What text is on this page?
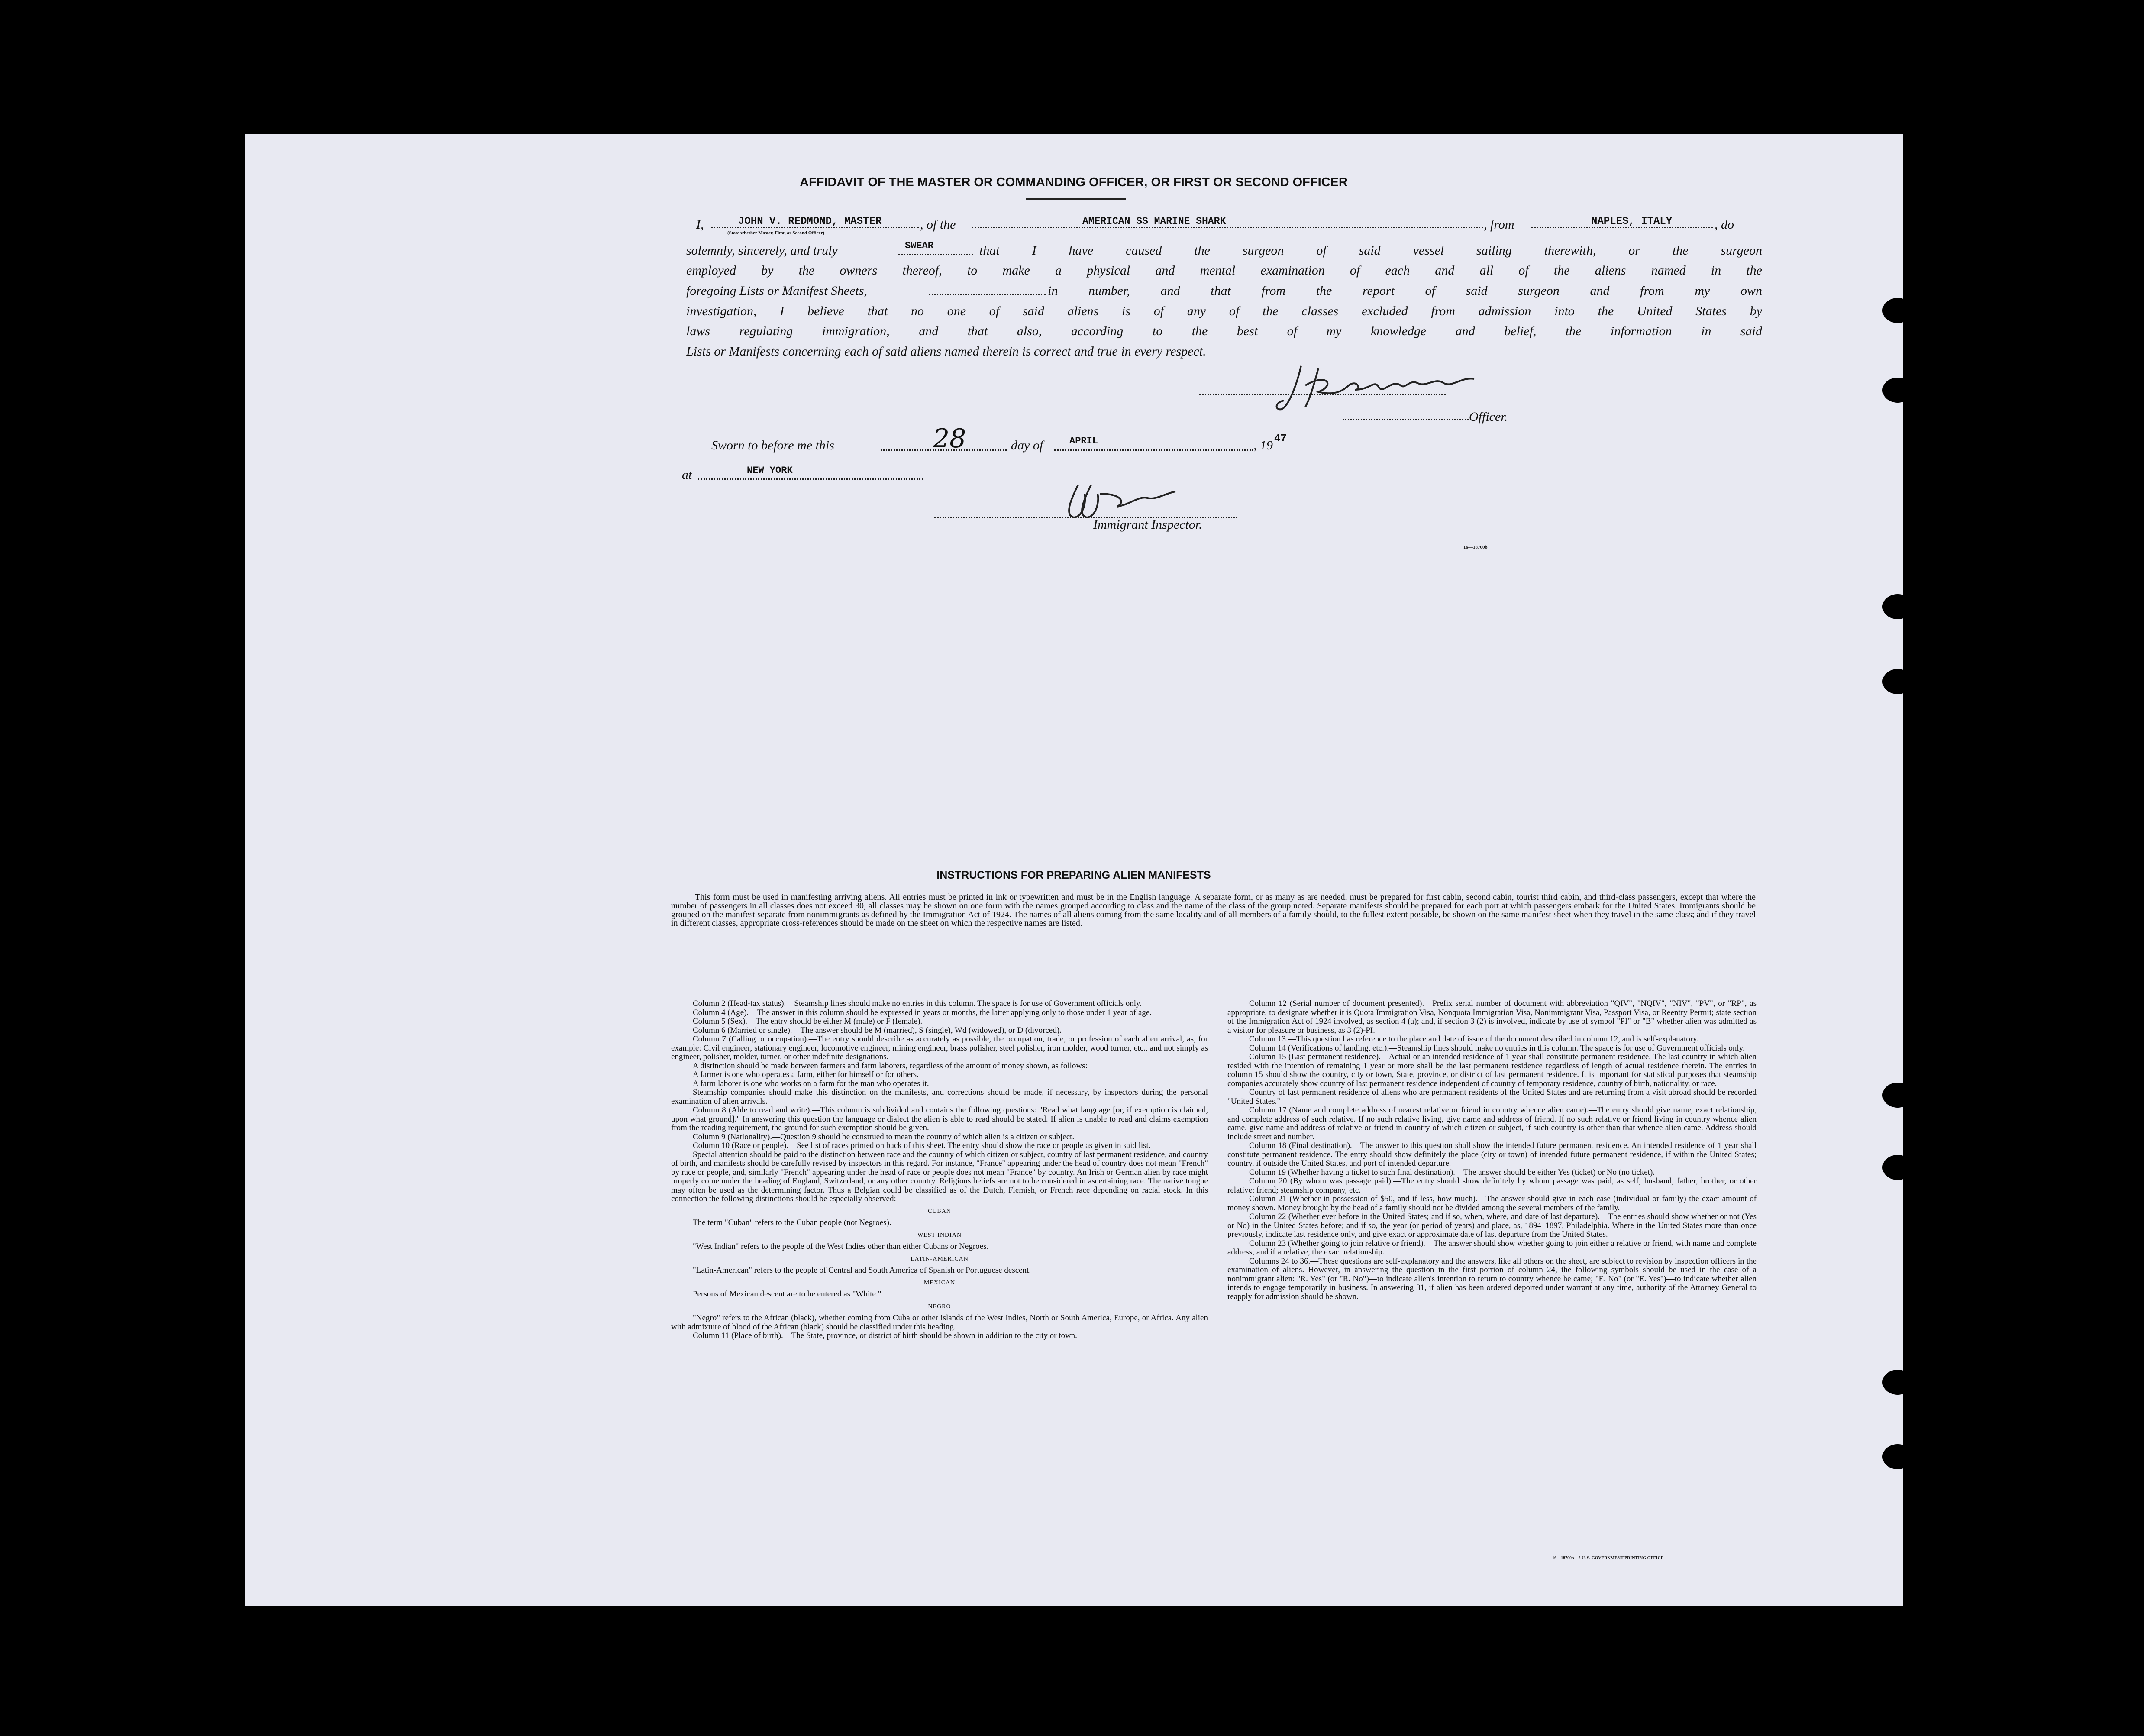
AFFIDAVIT OF THE MASTER OR COMMANDING OFFICER, OR FIRST OR SECOND OFFICER
I,	JOHN V. REDMOND, MASTER
(State whether Master, First, or Second Officer)
, of the	AMERICAN SS MARINE SHARK	, from	NAPLES, ITALY	, do
solemnly, sincerely, and truly	SWEAR	that I have caused the surgeon of said vessel sailing therewith, or the surgeon
employed by the owners thereof, to make a physical and mental examination of each and all of the aliens named in the
foregoing Lists or Manifest Sheets,	in number, and that from the report of said surgeon and from my own
investigation, I believe that no one of said aliens is of any of the classes excluded from admission into the United States by
laws regulating immigration, and that also, according to the best of my knowledge and belief, the information in said
Lists or Manifests concerning each of said aliens named therein is correct and true in every respect.
Officer.
Sworn to before me this	28	day of	APRIL	, 19 47
at	NEW YORK
Immigrant Inspector.
16—18700b
INSTRUCTIONS FOR PREPARING ALIEN MANIFESTS
This form must be used in manifesting arriving aliens. All entries must be printed in ink or typewritten and must be in the English language. A separate form, or as many as are needed, must be prepared for first cabin, second cabin, tourist third cabin, and third-class passengers, except that where the number of passengers in all classes does not exceed 30, all classes may be shown on one form with the names grouped according to class and the name of the class of the group noted. Separate manifests should be prepared for each port at which passengers embark for the United States. Immigrants should be grouped on the manifest separate from nonimmigrants as defined by the Immigration Act of 1924. The names of all aliens coming from the same locality and of all members of a family should, to the fullest extent possible, be shown on the same manifest sheet when they travel in the same class; and if they travel in different classes, appropriate cross-references should be made on the sheet on which the respective names are listed.

Column 2 (Head-tax status).—Steamship lines should make no entries in this column. The space is for use of Government officials only.

Column 4 (Age).—The answer in this column should be expressed in years or months, the latter applying only to those under 1 year of age.

Column 5 (Sex).—The entry should be either M (male) or F (female).

Column 6 (Married or single).—The answer should be M (married), S (single), Wd (widowed), or D (divorced).

Column 7 (Calling or occupation).—The entry should describe as accurately as possible, the occupation, trade, or profession of each alien arrival, as, for example: Civil engineer, stationary engineer, locomotive engineer, mining engineer, brass polisher, steel polisher, iron molder, wood turner, etc., and not simply as engineer, polisher, molder, turner, or other indefinite designations.

A distinction should be made between farmers and farm laborers, regardless of the amount of money shown, as follows:

A farmer is one who operates a farm, either for himself or for others.

A farm laborer is one who works on a farm for the man who operates it.

Steamship companies should make this distinction on the manifests, and corrections should be made, if necessary, by inspectors during the personal examination of alien arrivals.

Column 8 (Able to read and write).—This column is subdivided and contains the following questions: "Read what language [or, if exemption is claimed, upon what ground]." In answering this question the language or dialect the alien is able to read should be stated. If alien is unable to read and claims exemption from the reading requirement, the ground for such exemption should be given.

Column 9 (Nationality).—Question 9 should be construed to mean the country of which alien is a citizen or subject.

Column 10 (Race or people).—See list of races printed on back of this sheet. The entry should show the race or people as given in said list.

Special attention should be paid to the distinction between race and the country of which citizen or subject, country of last permanent residence, and country of birth, and manifests should be carefully revised by inspectors in this regard. For instance, "France" appearing under the head of country does not mean "French" by race or people, and, similarly "French" appearing under the head of race or people does not mean "France" by country. An Irish or German alien by race might properly come under the heading of England, Switzerland, or any other country. Religious beliefs are not to be considered in ascertaining race. The native tongue may often be used as the determining factor. Thus a Belgian could be classified as of the Dutch, Flemish, or French race depending on racial stock. In this connection the following distinctions should be especially observed:

CUBAN

The term "Cuban" refers to the Cuban people (not Negroes).

WEST INDIAN

"West Indian" refers to the people of the West Indies other than either Cubans or Negroes.

LATIN-AMERICAN

"Latin-American" refers to the people of Central and South America of Spanish or Portuguese descent.

MEXICAN

Persons of Mexican descent are to be entered as "White."

NEGRO

"Negro" refers to the African (black), whether coming from Cuba or other islands of the West Indies, North or South America, Europe, or Africa. Any alien with admixture of blood of the African (black) should be classified under this heading.

Column 11 (Place of birth).—The State, province, or district of birth should be shown in addition to the city or town.

Column 12 (Serial number of document presented).—Prefix serial number of document with abbreviation "QIV", "NQIV", "NIV", "PV", or "RP", as appropriate, to designate whether it is Quota Immigration Visa, Nonquota Immigration Visa, Nonimmigrant Visa, Passport Visa, or Reentry Permit; state section of the Immigration Act of 1924 involved, as section 4 (a); and, if section 3 (2) is involved, indicate by use of symbol "PI" or "B" whether alien was admitted as a visitor for pleasure or business, as 3 (2)-PI.

Column 13.—This question has reference to the place and date of issue of the document described in column 12, and is self-explanatory.

Column 14 (Verifications of landing, etc.).—Steamship lines should make no entries in this column. The space is for use of Government officials only.

Column 15 (Last permanent residence).—Actual or an intended residence of 1 year shall constitute permanent residence. The last country in which alien resided with the intention of remaining 1 year or more shall be the last permanent residence regardless of length of actual residence therein. The entries in column 15 should show the country, city or town, State, province, or district of last permanent residence. It is important for statistical purposes that steamship companies accurately show country of last permanent residence independent of country of temporary residence, country of birth, nationality, or race.

Country of last permanent residence of aliens who are permanent residents of the United States and are returning from a visit abroad should be recorded "United States."

Column 17 (Name and complete address of nearest relative or friend in country whence alien came).—The entry should give name, exact relationship, and complete address of such relative. If no such relative living, give name and address of friend. If no such relative or friend living in country whence alien came, give name and address of relative or friend in country of which citizen or subject, if such country is other than that whence alien came. Address should include street and number.

Column 18 (Final destination).—The answer to this question shall show the intended future permanent residence. An intended residence of 1 year shall constitute permanent residence. The entry should show definitely the place (city or town) of intended future permanent residence, if within the United States; country, if outside the United States, and port of intended departure.

Column 19 (Whether having a ticket to such final destination).—The answer should be either Yes (ticket) or No (no ticket).

Column 20 (By whom was passage paid).—The entry should show definitely by whom passage was paid, as self; husband, father, brother, or other relative; friend; steamship company, etc.

Column 21 (Whether in possession of $50, and if less, how much).—The answer should give in each case (individual or family) the exact amount of money shown. Money brought by the head of a family should not be divided among the several members of the family.

Column 22 (Whether ever before in the United States; and if so, when, where, and date of last departure).—The entries should show whether or not (Yes or No) in the United States before; and if so, the year (or period of years) and place, as, 1894–1897, Philadelphia. Where in the United States more than once previously, indicate last residence only, and give exact or approximate date of last departure from the United States.

Column 23 (Whether going to join relative or friend).—The answer should show whether going to join either a relative or friend, with name and complete address; and if a relative, the exact relationship.

Columns 24 to 36.—These questions are self-explanatory and the answers, like all others on the sheet, are subject to revision by inspection officers in the examination of aliens. However, in answering the question in the first portion of column 24, the following symbols should be used in the case of a nonimmigrant alien: "R. Yes" (or "R. No")—to indicate alien's intention to return to country whence he came; "E. No" (or "E. Yes")—to indicate whether alien intends to engage temporarily in business. In answering 31, if alien has been ordered deported under warrant at any time, authority of the Attorney General to reapply for admission should be shown.

16—18700b—2 U. S. GOVERNMENT PRINTING OFFICE
